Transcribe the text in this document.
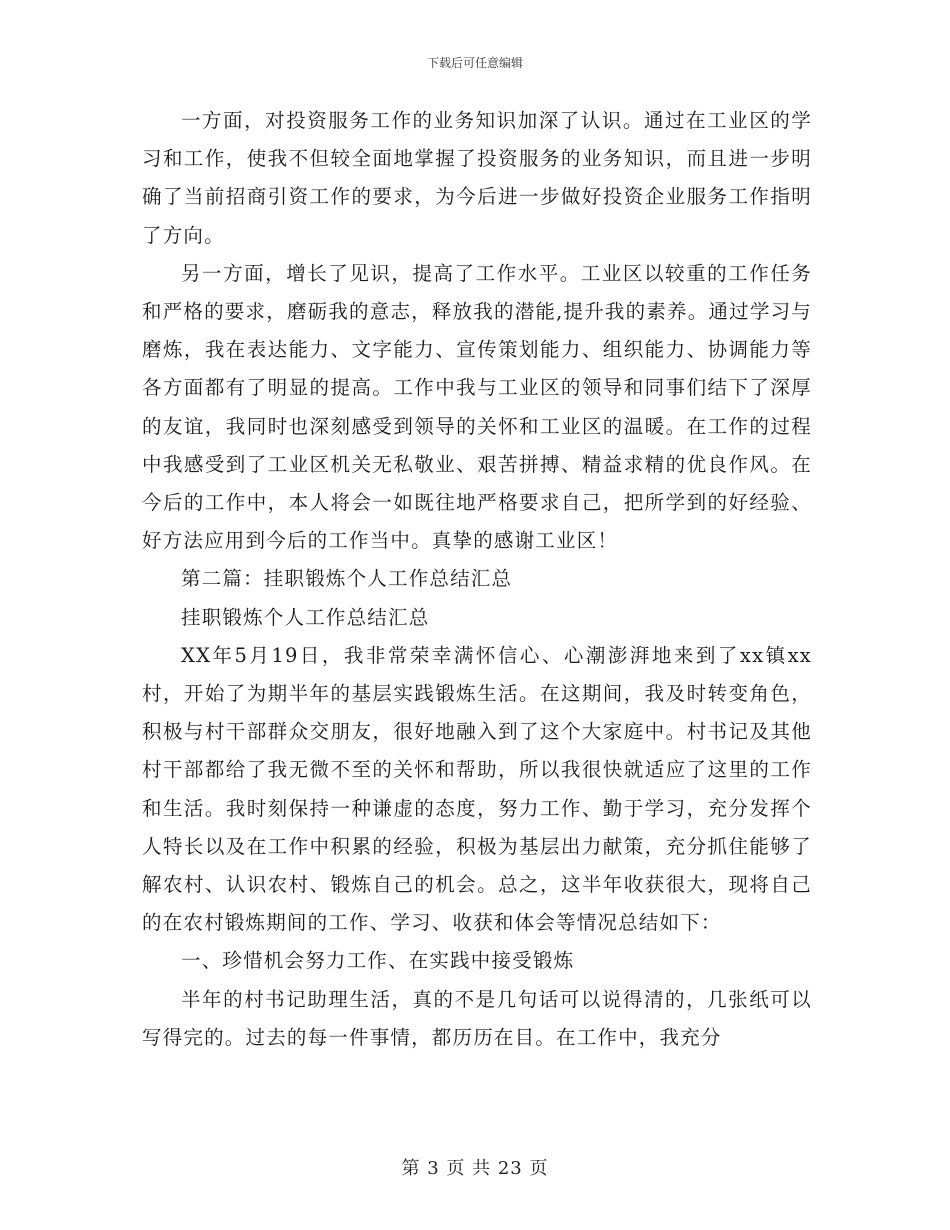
下载后可任意编辑

一方面，对投资服务工作的业务知识加深了认识。通过在工业区的学习和工作，使我不但较全面地掌握了投资服务的业务知识，而且进一步明确了当前招商引资工作的要求，为今后进一步做好投资企业服务工作指明了方向。

另一方面，增长了见识，提高了工作水平。工业区以较重的工作任务和严格的要求，磨砺我的意志，释放我的潜能,提升我的素养。通过学习与磨炼，我在表达能力、文字能力、宣传策划能力、组织能力、协调能力等各方面都有了明显的提高。工作中我与工业区的领导和同事们结下了深厚的友谊，我同时也深刻感受到领导的关怀和工业区的温暖。在工作的过程中我感受到了工业区机关无私敬业、艰苦拼搏、精益求精的优良作风。在今后的工作中，本人将会一如既往地严格要求自己，把所学到的好经验、好方法应用到今后的工作当中。真挚的感谢工业区！

第二篇：挂职锻炼个人工作总结汇总

挂职锻炼个人工作总结汇总

XX年5月19日，我非常荣幸满怀信心、心潮澎湃地来到了xx镇xx村，开始了为期半年的基层实践锻炼生活。在这期间，我及时转变角色，积极与村干部群众交朋友，很好地融入到了这个大家庭中。村书记及其他村干部都给了我无微不至的关怀和帮助，所以我很快就适应了这里的工作和生活。我时刻保持一种谦虚的态度，努力工作、勤于学习，充分发挥个人特长以及在工作中积累的经验，积极为基层出力献策，充分抓住能够了解农村、认识农村、锻炼自己的机会。总之，这半年收获很大，现将自己的在农村锻炼期间的工作、学习、收获和体会等情况总结如下：

一、珍惜机会努力工作、在实践中接受锻炼

半年的村书记助理生活，真的不是几句话可以说得清的，几张纸可以写得完的。过去的每一件事情，都历历在目。在工作中，我充分

第 3 页 共 23 页
